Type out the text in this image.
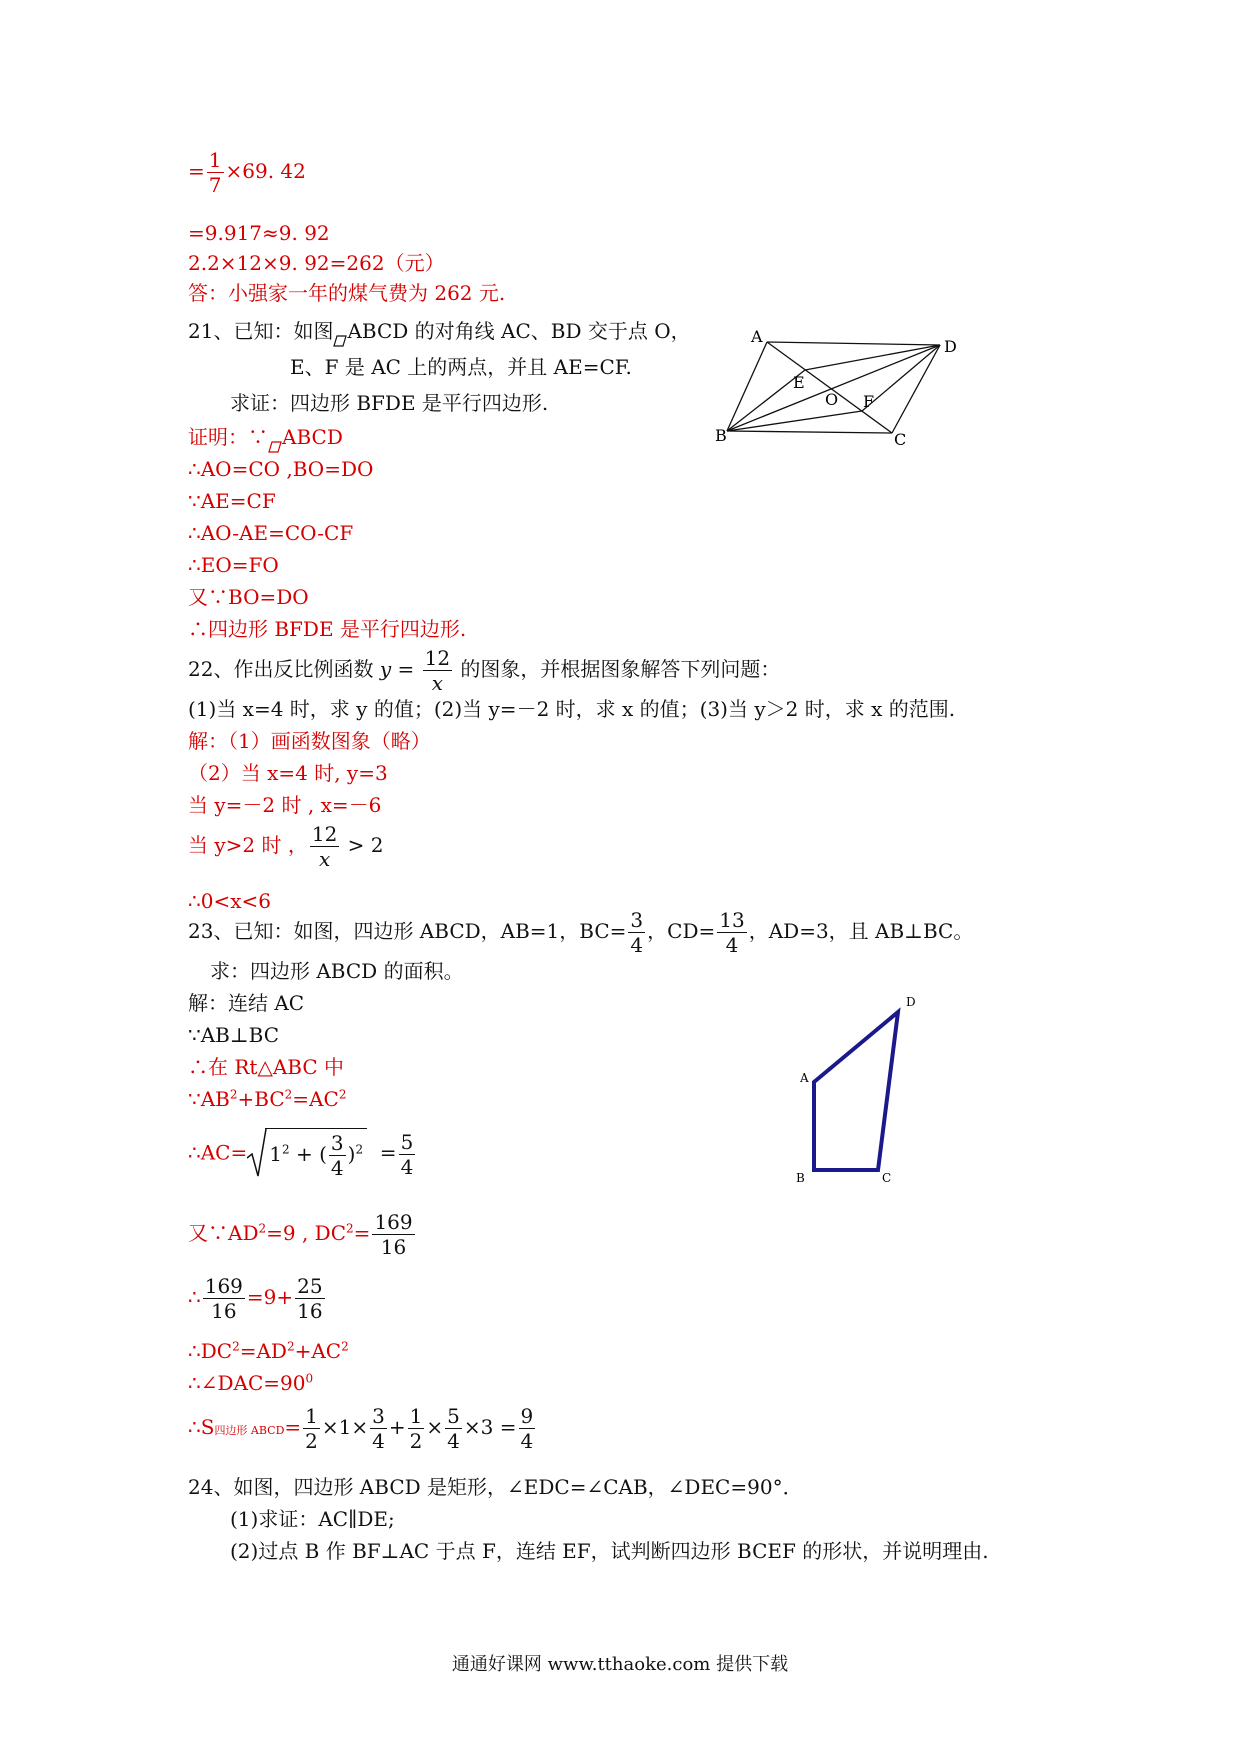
= $\frac{1}{7} \times 69$. 42
=9.917≈9. 92
2.2×12×9. 92=262（元）
答：小强家一年的煤气费为 262 元.
21、已知：如图 ABCD 的对角线 AC、BD 交于点 O，
E、F 是 AC 上的两点，并且 AE=CF.
求证：四边形 BFDE 是平行四边形.
证明：∵ ABCD
∴AO=CO ,BO=DO
∵AE=CF
∴AO-AE=CO-CF
∴EO=FO
又∵BO=DO
∴四边形 BFDE 是平行四边形.
A
D
B	C
E
O F
22、作出反比例函数 $y = \frac{12}{x}$ 的图象，并根据图象解答下列问题：
(1)当 x=4 时，求 y 的值；(2)当 y=－2 时，求 x 的值；(3)当 y＞2 时，求 x 的范围.
解：（1）画函数图象（略）
（2）当 x=4 时, y=3
当 y=－2 时 , x=－6
当 y>2 时 ， $\frac{12}{x} > 2$
∴0<x<6
23、已知：如图，四边形 ABCD，AB=1，$BC= \frac{3}{4}$ ，$CD= \frac{13}{4}$ ，AD=3，且 AB⊥BC。
求：四边形 ABCD 的面积。
解：连结 AC
∵AB⊥BC
∴在 Rt△ABC 中
$\because AB^2+BC^2=AC^2$
∴AC= $1^2$ + ( $\frac{3}{4} )^2 = \frac{5}{4}$
又$\because AD^2=9$ , $DC^2= \frac{169}{16}$
∴ $\frac{169}{16} =9+ \frac{25}{16}$
$\therefore DC^2=AD^2+AC^2$
$\therefore\angle DAC=90^0$
∴S四边形 ABCD= $\frac{1}{2} \times 1\times \frac{3}{4} + \frac{1}{2} \times \frac{5}{4} \times 3 = \frac{9}{4}$
A
D
B	C
24、如图，四边形 ABCD 是矩形，∠EDC=∠CAB，∠DEC=90°．
(1)求证：AC∥DE;
(2)过点 B 作 BF⊥AC 于点 F，连结 EF，试判断四边形 BCEF 的形状，并说明理由.
通通好课网 www.tthaoke.com 提供下载
